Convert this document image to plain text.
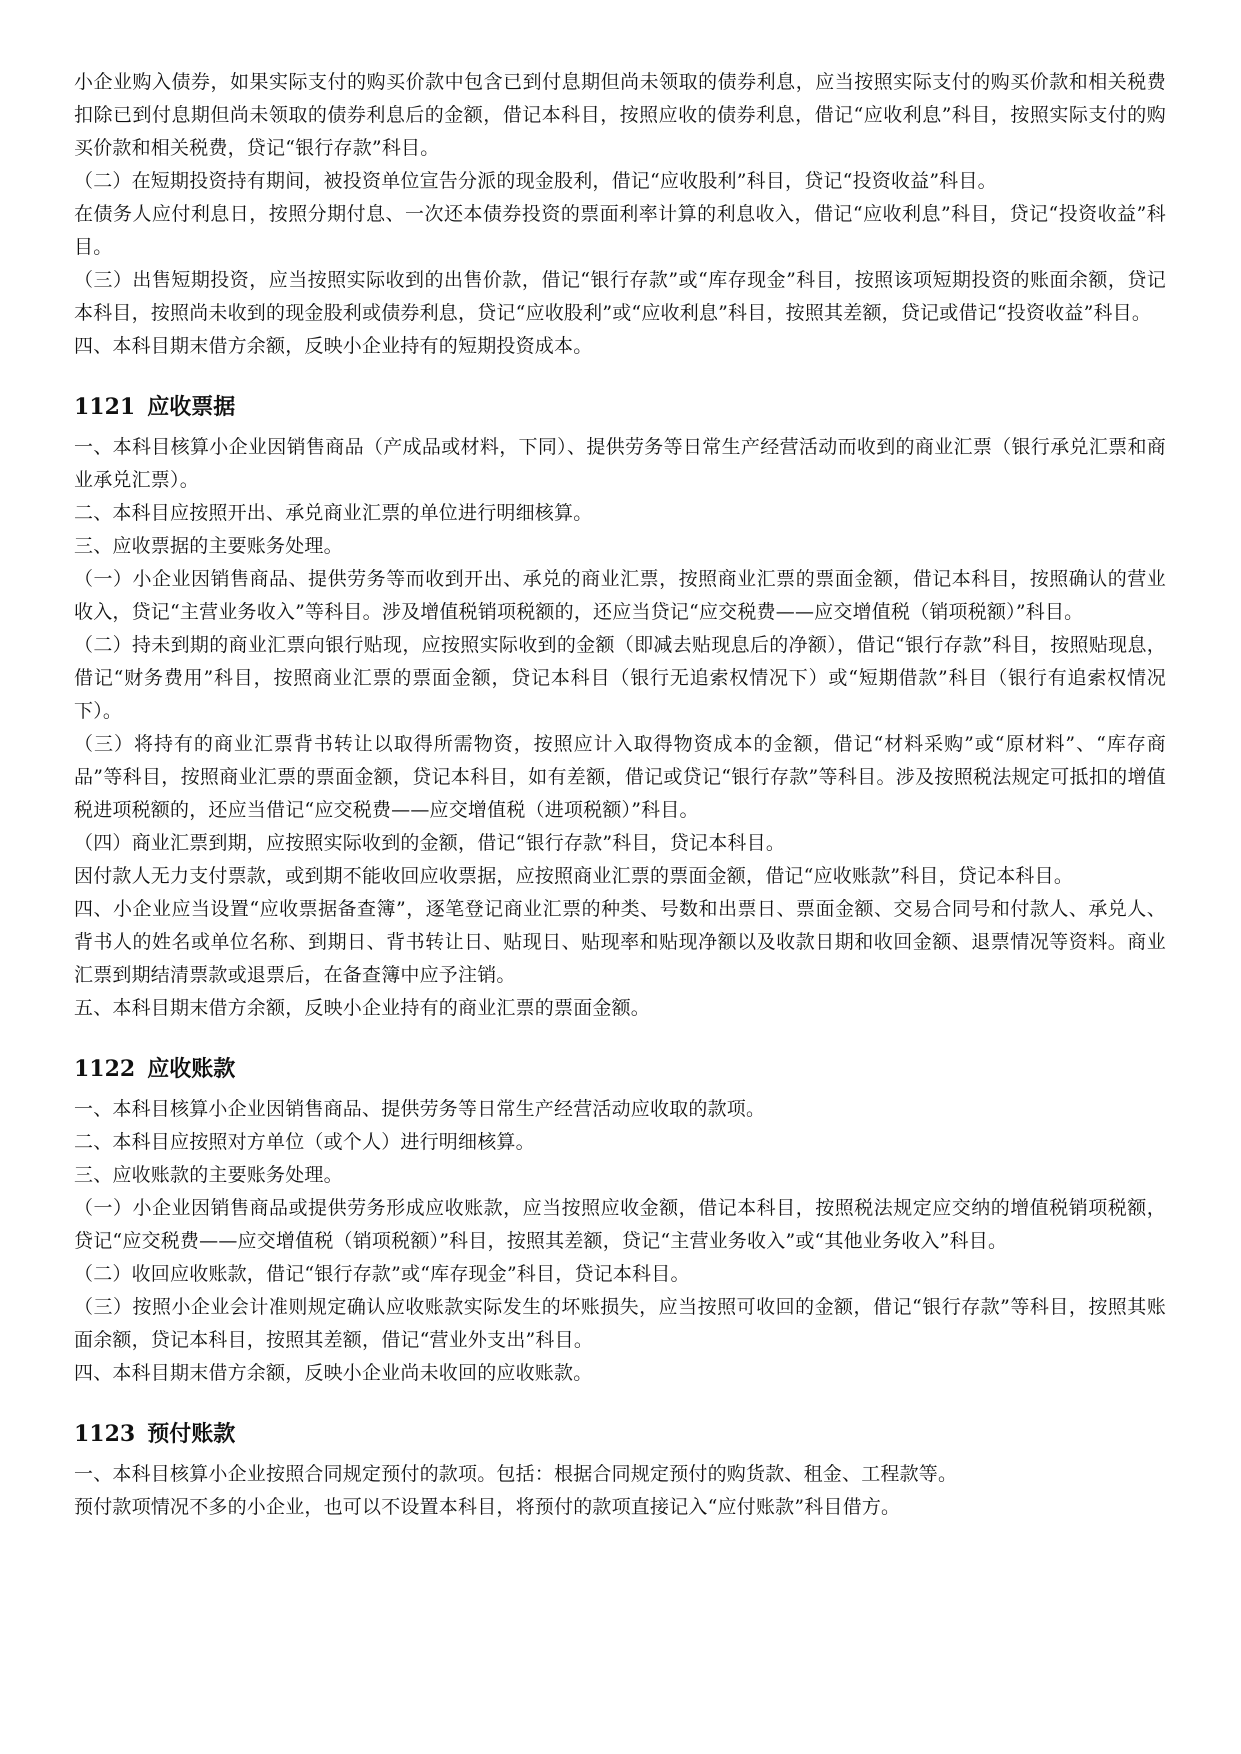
小企业购入债券，如果实际支付的购买价款中包含已到付息期但尚未领取的债券利息，应当按照实际支付的购买价款和相关税费扣除已到付息期但尚未领取的债券利息后的金额，借记本科目，按照应收的债券利息，借记“应收利息”科目，按照实际支付的购买价款和相关税费，贷记“银行存款”科目。

（二）在短期投资持有期间，被投资单位宣告分派的现金股利，借记“应收股利”科目，贷记“投资收益”科目。

在债务人应付利息日，按照分期付息、一次还本债券投资的票面利率计算的利息收入，借记“应收利息”科目，贷记“投资收益”科目。

（三）出售短期投资，应当按照实际收到的出售价款，借记“银行存款”或“库存现金”科目，按照该项短期投资的账面余额，贷记本科目，按照尚未收到的现金股利或债券利息，贷记“应收股利”或“应收利息”科目，按照其差额，贷记或借记“投资收益”科目。

四、本科目期末借方余额，反映小企业持有的短期投资成本。

1121 应收票据

一、本科目核算小企业因销售商品（产成品或材料，下同）、提供劳务等日常生产经营活动而收到的商业汇票（银行承兑汇票和商业承兑汇票）。

二、本科目应按照开出、承兑商业汇票的单位进行明细核算。

三、应收票据的主要账务处理。

（一）小企业因销售商品、提供劳务等而收到开出、承兑的商业汇票，按照商业汇票的票面金额，借记本科目，按照确认的营业收入，贷记“主营业务收入”等科目。涉及增值税销项税额的，还应当贷记“应交税费——应交增值税（销项税额）”科目。

（二）持未到期的商业汇票向银行贴现，应按照实际收到的金额（即减去贴现息后的净额），借记“银行存款”科目，按照贴现息，借记“财务费用”科目，按照商业汇票的票面金额，贷记本科目（银行无追索权情况下）或“短期借款”科目（银行有追索权情况下）。

（三）将持有的商业汇票背书转让以取得所需物资，按照应计入取得物资成本的金额，借记“材料采购”或“原材料”、“库存商品”等科目，按照商业汇票的票面金额，贷记本科目，如有差额，借记或贷记“银行存款”等科目。涉及按照税法规定可抵扣的增值税进项税额的，还应当借记“应交税费——应交增值税（进项税额）”科目。

（四）商业汇票到期，应按照实际收到的金额，借记“银行存款”科目，贷记本科目。

因付款人无力支付票款，或到期不能收回应收票据，应按照商业汇票的票面金额，借记“应收账款”科目，贷记本科目。

四、小企业应当设置“应收票据备查簿”，逐笔登记商业汇票的种类、号数和出票日、票面金额、交易合同号和付款人、承兑人、背书人的姓名或单位名称、到期日、背书转让日、贴现日、贴现率和贴现净额以及收款日期和收回金额、退票情况等资料。商业汇票到期结清票款或退票后，在备查簿中应予注销。

五、本科目期末借方余额，反映小企业持有的商业汇票的票面金额。

1122 应收账款

一、本科目核算小企业因销售商品、提供劳务等日常生产经营活动应收取的款项。

二、本科目应按照对方单位（或个人）进行明细核算。

三、应收账款的主要账务处理。

（一）小企业因销售商品或提供劳务形成应收账款，应当按照应收金额，借记本科目，按照税法规定应交纳的增值税销项税额，贷记“应交税费——应交增值税（销项税额）”科目，按照其差额，贷记“主营业务收入”或“其他业务收入”科目。

（二）收回应收账款，借记“银行存款”或“库存现金”科目，贷记本科目。

（三）按照小企业会计准则规定确认应收账款实际发生的坏账损失，应当按照可收回的金额，借记“银行存款”等科目，按照其账面余额，贷记本科目，按照其差额，借记“营业外支出”科目。

四、本科目期末借方余额，反映小企业尚未收回的应收账款。

1123 预付账款

一、本科目核算小企业按照合同规定预付的款项。包括：根据合同规定预付的购货款、租金、工程款等。

预付款项情况不多的小企业，也可以不设置本科目，将预付的款项直接记入“应付账款”科目借方。
